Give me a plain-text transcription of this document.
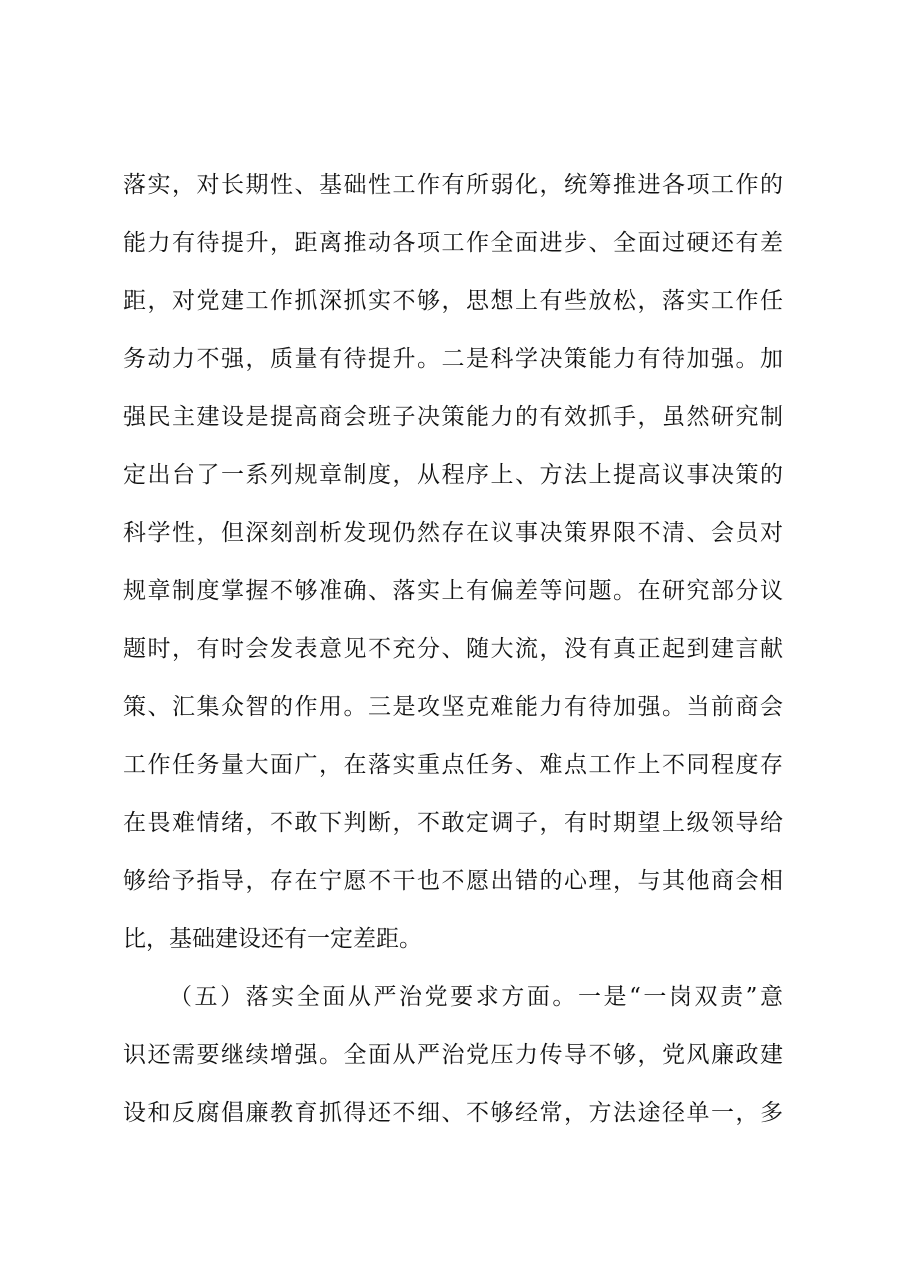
落实，对长期性、基础性工作有所弱化，统筹推进各项工作的
能力有待提升，距离推动各项工作全面进步、全面过硬还有差
距，对党建工作抓深抓实不够，思想上有些放松，落实工作任
务动力不强，质量有待提升。二是科学决策能力有待加强。加
强民主建设是提高商会班子决策能力的有效抓手，虽然研究制
定出台了一系列规章制度，从程序上、方法上提高议事决策的
科学性，但深刻剖析发现仍然存在议事决策界限不清、会员对
规章制度掌握不够准确、落实上有偏差等问题。在研究部分议
题时，有时会发表意见不充分、随大流，没有真正起到建言献
策、汇集众智的作用。三是攻坚克难能力有待加强。当前商会
工作任务量大面广，在落实重点任务、难点工作上不同程度存
在畏难情绪，不敢下判断，不敢定调子，有时期望上级领导给
够给予指导，存在宁愿不干也不愿出错的心理，与其他商会相
比，基础建设还有一定差距。
（五）落实全面从严治党要求方面。一是“一岗双责”意
识还需要继续增强。全面从严治党压力传导不够，党风廉政建
设和反腐倡廉教育抓得还不细、不够经常，方法途径单一，多
